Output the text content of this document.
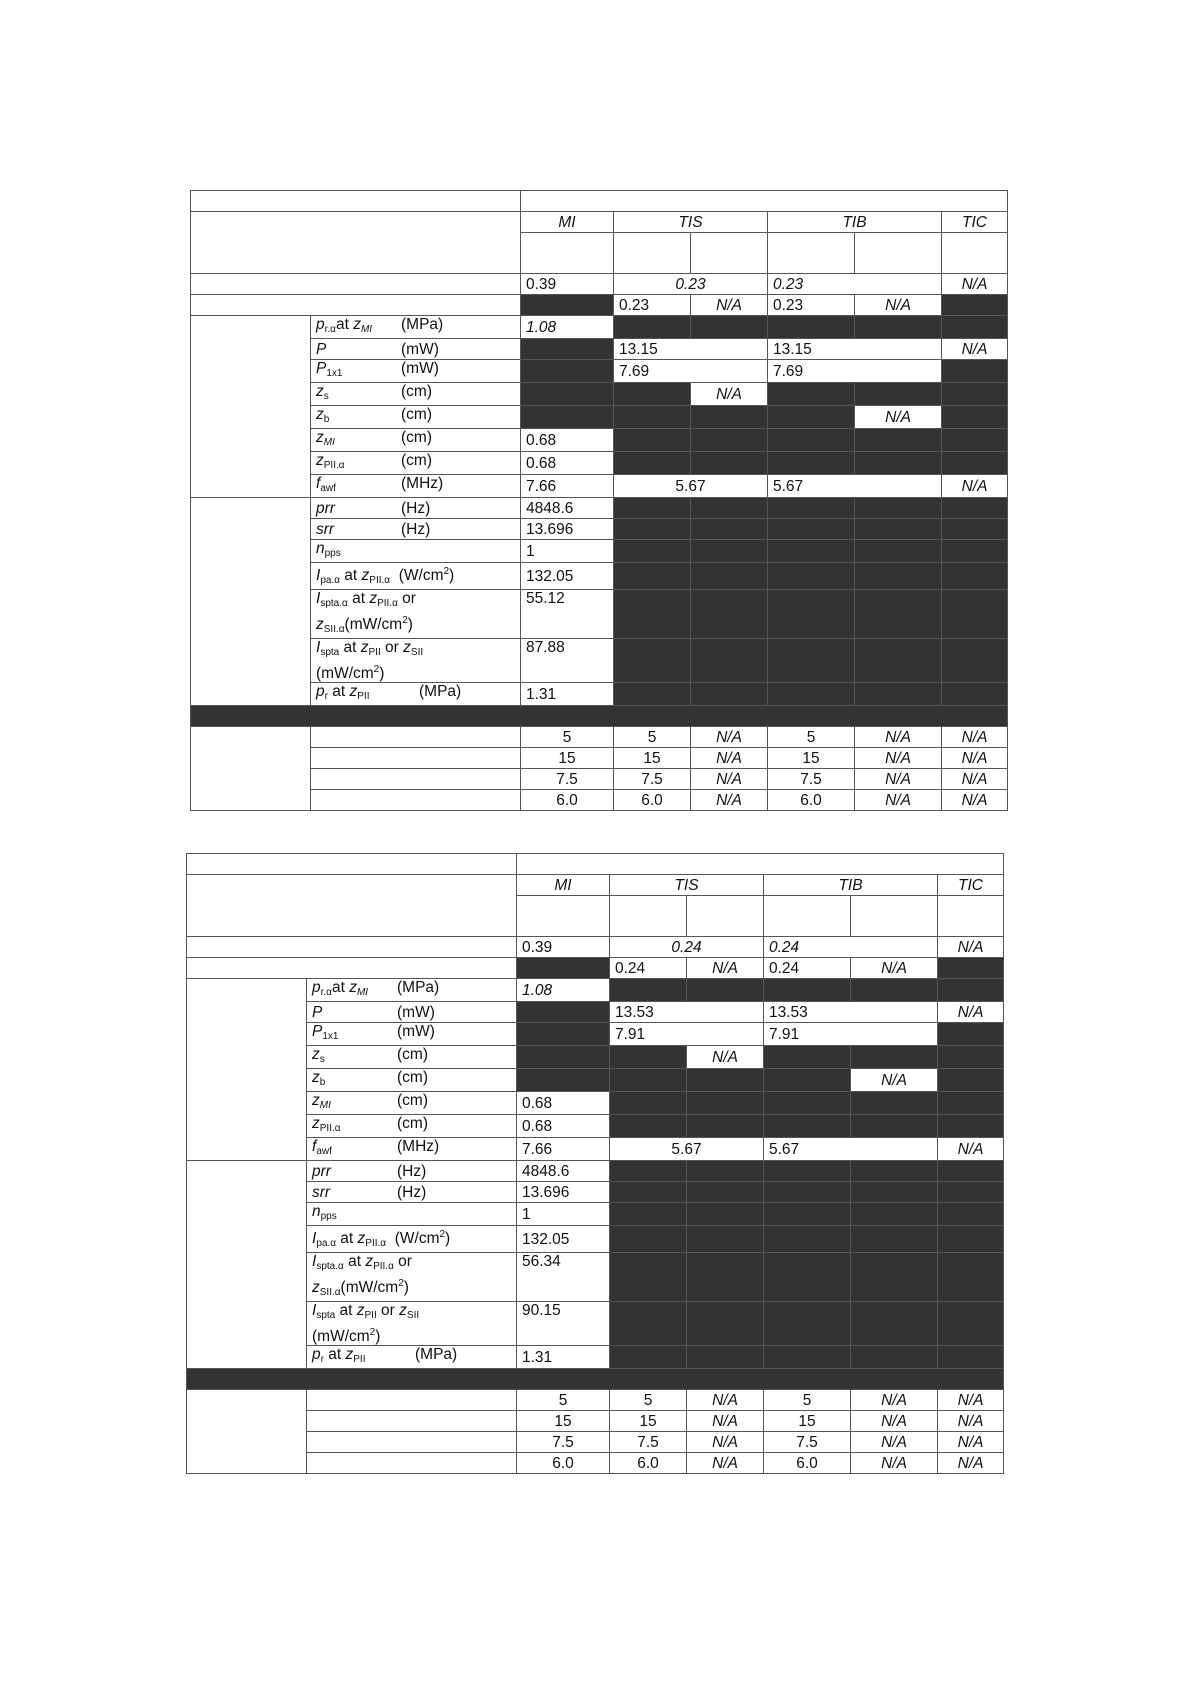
		MI	TIS		TIB		TIC

		0.39	0.23		0.23		N/A
			0.23	N/A	0.23	N/A	
	$p_{r.\alpha}at$ $z_{MI}$ (MPa)	1.08					
	P (mW)		13.15		13.15		N/A
	$P_{1x1}$ (mW)		7.69		7.69		
	$z_s$ (cm)			N/A			
	$z_b$ (cm)					N/A	
	$z_{MI}$ (cm)	0.68					
	$z_{PII.\alpha}$ (cm)	0.68					
	$f_{awf}$ (MHz)	7.66	5.67		5.67		N/A
	prr (Hz)	4848.6					
	srr (Hz)	13.696					
	$n_{pps}$	1					
	$I_{pa.\alpha}$ at $z_{PII.\alpha}$ $(W/cm^2)$	132.05					
	$I_{spta.\alpha}$ at $z_{PII.\alpha}$ or
$z_{SII.\alpha}(mW/cm^2)$	55.12					
	$I_{spta}$ at $z_{PII}$ or $z_{SII}$
$(mW/cm^2)$	87.88					
	$p_r$ at $z_{PII}$ (MPa)	1.31					

		5	5	N/A	5	N/A	N/A
		15	15	N/A	15	N/A	N/A
		7.5	7.5	N/A	7.5	N/A	N/A
		6.0	6.0	N/A	6.0	N/A	N/A

		MI	TIS		TIB		TIC

		0.39	0.24		0.24		N/A
			0.24	N/A	0.24	N/A	
	$p_{r.\alpha}at$ $z_{MI}$ (MPa)	1.08					
	P (mW)		13.53		13.53		N/A
	$P_{1x1}$ (mW)		7.91		7.91		
	$z_s$ (cm)			N/A			
	$z_b$ (cm)					N/A	
	$z_{MI}$ (cm)	0.68					
	$z_{PII.\alpha}$ (cm)	0.68					
	$f_{awf}$ (MHz)	7.66	5.67		5.67		N/A
	prr (Hz)	4848.6					
	srr (Hz)	13.696					
	$n_{pps}$	1					
	$I_{pa.\alpha}$ at $z_{PII.\alpha}$ $(W/cm^2)$	132.05					
	$I_{spta.\alpha}$ at $z_{PII.\alpha}$ or
$z_{SII.\alpha}(mW/cm^2)$	56.34					
	$I_{spta}$ at $z_{PII}$ or $z_{SII}$
$(mW/cm^2)$	90.15					
	$p_r$ at $z_{PII}$ (MPa)	1.31					

		5	5	N/A	5	N/A	N/A
		15	15	N/A	15	N/A	N/A
		7.5	7.5	N/A	7.5	N/A	N/A
		6.0	6.0	N/A	6.0	N/A	N/A
